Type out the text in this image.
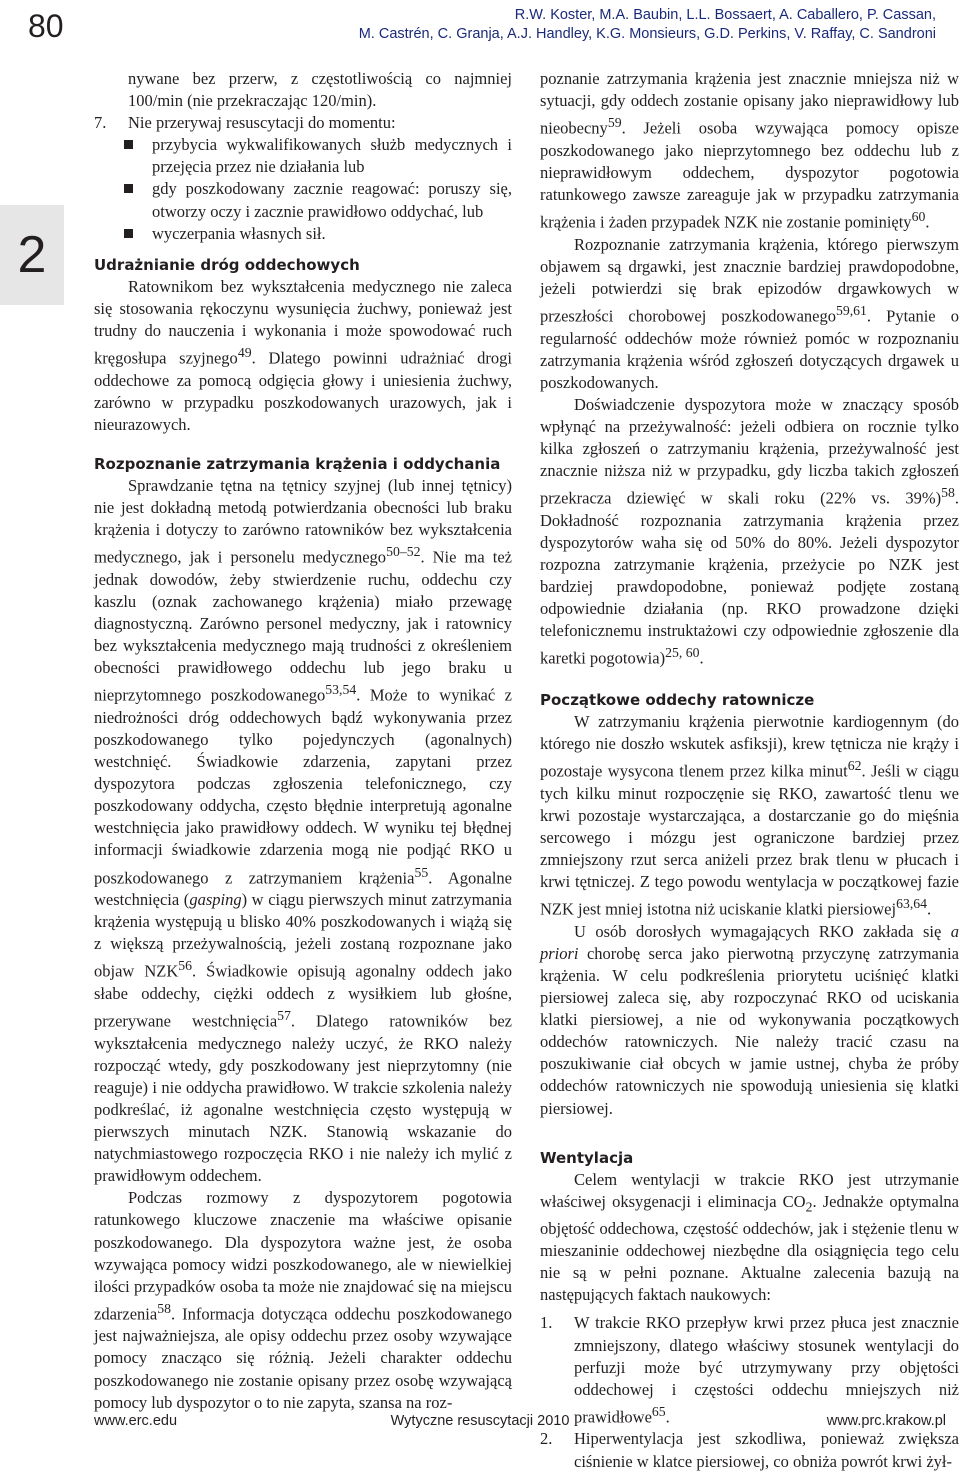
80	R.W. Koster, M.A. Baubin, L.L. Bossaert, A. Caballero, P. Cassan,
M. Castrén, C. Granja, A.J. Handley, K.G. Monsieurs, G.D. Perkins, V. Raffay, C. Sandroni
2

nywane bez przerw, z częstotliwością co najmniej 100/min (nie przekraczając 120/min).

7. Nie przerywaj resuscytacji do momentu:
przybycia wykwalifikowanych służb medycznych i przejęcia przez nie działania lub
gdy poszkodowany zacznie reagować: poruszy się, otworzy oczy i zacznie prawidłowo oddychać, lub
wyczerpania własnych sił.
Udrażnianie dróg oddechowych

Ratownikom bez wykształcenia medycznego nie zaleca się stosowania rękoczynu wysunięcia żuchwy, ponieważ jest trudny do nauczenia i wykonania i może spowodować ruch kręgosłupa szyjnego$^{49}$. Dlatego powinni udrażniać drogi oddechowe za pomocą odgięcia głowy i uniesienia żuchwy, zarówno w przypadku poszkodowanych urazowych, jak i nieurazowych.

Rozpoznanie zatrzymania krążenia i oddychania

Sprawdzanie tętna na tętnicy szyjnej (lub innej tętnicy) nie jest dokładną metodą potwierdzania obecności lub braku krążenia i dotyczy to zarówno ratowników bez wykształcenia medycznego, jak i personelu medycznego$^{50-52}$. Nie ma też jednak dowodów, żeby stwierdzenie ruchu, oddechu czy kaszlu (oznak zachowanego krążenia) miało przewagę diagnostyczną. Zarówno personel medyczny, jak i ratownicy bez wykształcenia medycznego mają trudności z określeniem obecności prawidłowego oddechu lub jego braku u nieprzytomnego poszkodowanego$^{53,54}$. Może to wynikać z niedrożności dróg oddechowych bądź wykonywania przez poszkodowanego tylko pojedynczych (agonalnych) westchnięć. Świadkowie zdarzenia, zapytani przez dyspozytora podczas zgłoszenia telefonicznego, czy poszkodowany oddycha, często błędnie interpretują agonalne westchnięcia jako prawidłowy oddech. W wyniku tej błędnej informacji świadkowie zdarzenia mogą nie podjąć RKO u poszkodowanego z zatrzymaniem krążenia$^{55}$. Agonalne westchnięcia (gasping) w ciągu pierwszych minut zatrzymania krążenia występują u blisko 40% poszkodowanych i wiążą się z większą przeżywalnością, jeżeli zostaną rozpoznane jako objaw NZK$^{56}$. Świadkowie opisują agonalny oddech jako słabe oddechy, ciężki oddech z wysiłkiem lub głośne, przerywane westchnięcia$^{57}$. Dlatego ratowników bez wykształcenia medycznego należy uczyć, że RKO należy rozpocząć wtedy, gdy poszkodowany jest nieprzytomny (nie reaguje) i nie oddycha prawidłowo. W trakcie szkolenia należy podkreślać, iż agonalne westchnięcia często występują w pierwszych minutach NZK. Stanowią wskazanie do natychmiastowego rozpoczęcia RKO i nie należy ich mylić z prawidłowym oddechem.

Podczas rozmowy z dyspozytorem pogotowia ratunkowego kluczowe znaczenie ma właściwe opisanie poszkodowanego. Dla dyspozytora ważne jest, że osoba wzywająca pomocy widzi poszkodowanego, ale w niewielkiej ilości przypadków osoba ta może nie znajdować się na miejscu zdarzenia$^{58}$. Informacja dotycząca oddechu poszkodowanego jest najważniejsza, ale opisy oddechu przez osoby wzywające pomocy znacząco się różnią. Jeżeli charakter oddechu poszkodowanego nie zostanie opisany przez osobę wzywającą pomocy lub dyspozytor o to nie zapyta, szansa na roz-

poznanie zatrzymania krążenia jest znacznie mniejsza niż w sytuacji, gdy oddech zostanie opisany jako nieprawidłowy lub nieobecny$^{59}$. Jeżeli osoba wzywająca pomocy opisze poszkodowanego jako nieprzytomnego bez oddechu lub z nieprawidłowym oddechem, dyspozytor pogotowia ratunkowego zawsze zareaguje jak w przypadku zatrzymania krążenia i żaden przypadek NZK nie zostanie pominięty$^{60}$.

Rozpoznanie zatrzymania krążenia, którego pierwszym objawem są drgawki, jest znacznie bardziej prawdopodobne, jeżeli potwierdzi się brak epizodów drgawkowych w przeszłości chorobowej poszkodowanego$^{59,61}$. Pytanie o regularność oddechów może również pomóc w rozpoznaniu zatrzymania krążenia wśród zgłoszeń dotyczących drgawek u poszkodowanych.

Doświadczenie dyspozytora może w znaczący sposób wpłynąć na przeżywalność: jeżeli odbiera on rocznie tylko kilka zgłoszeń o zatrzymaniu krążenia, przeżywalność jest znacznie niższa niż w przypadku, gdy liczba takich zgłoszeń przekracza dziewięć w skali roku (22% vs. 39%)$^{58}$. Dokładność rozpoznania zatrzymania krążenia przez dyspozytorów waha się od 50% do 80%. Jeżeli dyspozytor rozpozna zatrzymanie krążenia, przeżycie po NZK jest bardziej prawdopodobne, ponieważ podjęte zostaną odpowiednie działania (np. RKO prowadzone dzięki telefonicznemu instruktażowi czy odpowiednie zgłoszenie dla karetki pogotowia)$^{25, 60}$.

Początkowe oddechy ratownicze

W zatrzymaniu krążenia pierwotnie kardiogennym (do którego nie doszło wskutek asfiksji), krew tętnicza nie krąży i pozostaje wysycona tlenem przez kilka minut$^{62}$. Jeśli w ciągu tych kilku minut rozpoczęnie się RKO, zawartość tlenu we krwi pozostaje wystarczająca, a dostarczanie go do mięśnia sercowego i mózgu jest ograniczone bardziej przez zmniejszony rzut serca aniżeli przez brak tlenu w płucach i krwi tętniczej. Z tego powodu wentylacja w początkowej fazie NZK jest mniej istotna niż uciskanie klatki piersiowej$^{63,64}$.

U osób dorosłych wymagających RKO zakłada się a priori chorobę serca jako pierwotną przyczynę zatrzymania krążenia. W celu podkreślenia priorytetu uciśnięć klatki piersiowej zaleca się, aby rozpoczynać RKO od uciskania klatki piersiowej, a nie od wykonywania początkowych oddechów ratowniczych. Nie należy tracić czasu na poszukiwanie ciał obcych w jamie ustnej, chyba że próby oddechów ratowniczych nie spowodują uniesienia się klatki piersiowej.

Wentylacja

Celem wentylacji w trakcie RKO jest utrzymanie właściwej oksygenacji i eliminacja $CO_2$. Jednakże optymalna objętość oddechowa, częstość oddechów, jak i stężenie tlenu w mieszaninie oddechowej niezbędne dla osiągnięcia tego celu nie są w pełni poznane. Aktualne zalecenia bazują na następujących faktach naukowych:

1. W trakcie RKO przepływ krwi przez płuca jest znacznie zmniejszony, dlatego właściwy stosunek wentylacji do perfuzji może być utrzymywany przy objętości oddechowej i częstości oddechu mniejszych niż prawidłowe$^{65}$.
2. Hiperwentylacja jest szkodliwa, ponieważ zwiększa ciśnienie w klatce piersiowej, co obniża powrót krwi żył-
www.erc.edu	Wytyczne resuscytacji 2010	www.prc.krakow.pl
